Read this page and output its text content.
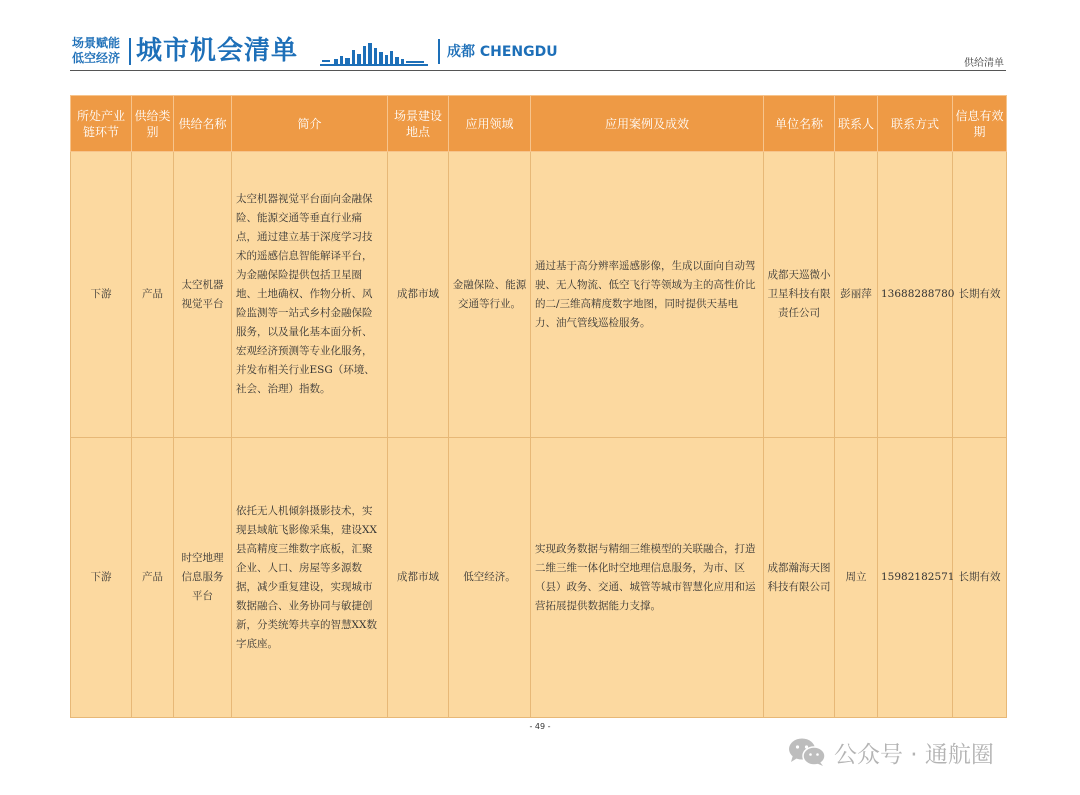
场景赋能
低空经济 城市机会清单	成都 CHENGDU
供给清单
所处产业链环节	供给类别	供给名称	简介	场景建设地点	应用领域	应用案例及成效	单位名称	联系人	联系方式	信息有效期
下游	产品	太空机器视觉平台	太空机器视觉平台面向金融保险、能源交通等垂直行业痛点，通过建立基于深度学习技术的遥感信息智能解译平台，为金融保险提供包括卫星圈地、土地确权、作物分析、风险监测等一站式乡村金融保险服务，以及量化基本面分析、宏观经济预测等专业化服务，并发布相关行业ESG（环境、社会、治理）指数。	成都市域	金融保险、能源交通等行业。	通过基于高分辨率遥感影像，生成以面向自动驾驶、无人物流、低空飞行等领域为主的高性价比的二/三维高精度数字地图，同时提供天基电力、油气管线巡检服务。	成都天巡微小卫星科技有限责任公司	彭丽萍	13688288780	长期有效
下游	产品	时空地理信息服务平台	依托无人机倾斜摄影技术，实现县域航飞影像采集，建设XX县高精度三维数字底板，汇聚企业、人口、房屋等多源数据，减少重复建设，实现城市数据融合、业务协同与敏捷创新，分类统筹共享的智慧XX数字底座。	成都市域	低空经济。	实现政务数据与精细三维模型的关联融合，打造二维三维一体化时空地理信息服务，为市、区（县）政务、交通、城管等城市智慧化应用和运营拓展提供数据能力支撑。	成都瀚海天图科技有限公司	周立	15982182571	长期有效
- 49 -
公众号 · 通航圈
